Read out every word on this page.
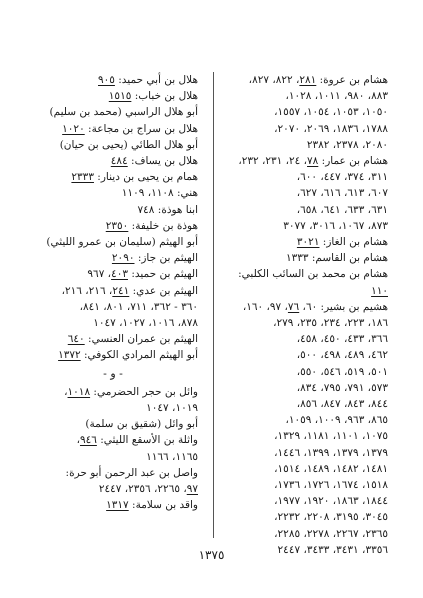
هشام بن عروة: ٢٨١، ٨٢٢، ٨٢٧،
٨٨٣، ٩٨٠، ١٠١١، ١٠٢٨،
١٠٥٠، ١٠٥٣، ١٠٥٤، ١٥٥٧،
١٧٨٨، ١٨٣٦، ٢٠٦٩، ٢٠٧٠،
٢٠٨٠، ٢٣٧٨، ٢٣٨٢
هشام بن عمار: ٧٨، ٢٤، ٢٣١، ٢٣٢،
٣١١، ٣٧٤، ٤٤٧، ٦٠٠،
٦٠٧، ٦١٣، ٦١٦، ٦٢٧،
٦٣١، ٦٣٣، ٦٤١، ٦٥٨،
٨٧٣، ١٠٦٧، ٣٠١٦، ٣٠٧٧
هشام بن الغاز: ٣٠٢١
هشام بن القاسم: ١٣٣٣
هشام بن محمد بن السائب الكلبي:
١١٠
هشيم بن بشير: ٦٠، ٧٦، ٩٧، ١٦٠،
١٨٦، ٢٢٣، ٢٣٤، ٢٣٥، ٢٧٩،
٣٦٦، ٤٣٣، ٤٥٠، ٤٥٨،
٤٦٢، ٤٨٩، ٤٩٨، ٥٠٠،
٥٠١، ٥١٩، ٥٤٦، ٥٥٠،
٥٧٣، ٧٩١، ٧٩٥، ٨٣٤،
٨٤٤، ٨٤٣، ٨٤٧، ٨٥٦،
٨٦٥، ٩٦٣، ١٠٠٩، ١٠٥٩،
١٠٧٥، ١١٠١، ١١٨١، ١٣٢٩،
١٣٧٩، ١٣٧٩، ١٣٩٩، ١٤٤٦،
١٤٨١، ١٤٨٢، ١٤٨٩، ١٥١٤،
١٥١٨، ١٦٧٤، ١٧٢٦، ١٧٣٦،
١٨٤٤، ١٨٦٣، ١٩٢٠، ١٩٧٧،
٣٠٤٥، ٣١٩٥، ٢٢٠٨، ٢٢٣٢،
٢٣٦٥، ٢٢٦٧، ٢٢٧٨، ٢٢٨٥،
٣٣٥٦، ٣٤٣١، ٣٤٣٣، ٢٤٤٧
هلال بن أبي حميد: ٩٠٥
هلال بن خباب: ١٥١٥
أبو هلال الراسبي (محمد بن سليم)
هلال بن سراج بن مجاعة: ١٠٢٠
أبو هلال الطائي (يحيى بن حيان)
هلال بن يساف: ٤٨٤
همام بن يحيى بن دينار: ٢٣٣٣
هني: ١١٠٨، ١١٠٩
ابنا هوذة: ٧٤٨
هوذة بن خليفة: ٢٣٥٠
أبو الهيثم (سليمان بن عمرو الليثي)
الهيثم بن جاز: ٢٠٩٠
الهيثم بن حميد: ٤٠٣، ٩٦٧
الهيثم بن عدي: ٢٤١، ٢١٦، ٢١٦،
٣٦٠ - ٣٦٢، ٧١١، ٨٠١، ٨٤١،
٨٧٨، ١٠١٦، ١٠٢٧، ١٠٤٧
الهيثم بن عمران العنسي: ٦٤٠
أبو الهيثم المرادي الكوفي: ١٣٧٢
- و -
وائل بن حجر الحضرمي: ١٠١٨،
١٠١٩، ١٠٤٧
أبو وائل (شقيق بن سلمة)
واثلة بن الأسقع الليثي: ٩٤٦،
١١٦٥، ١١٦٦
واصل بن عبد الرحمن أبو حرة:
٩٧، ٢٢٦٥، ٢٣٥٦، ٢٤٤٧
واقد بن سلامة: ١٣١٧
١٣٧٥
